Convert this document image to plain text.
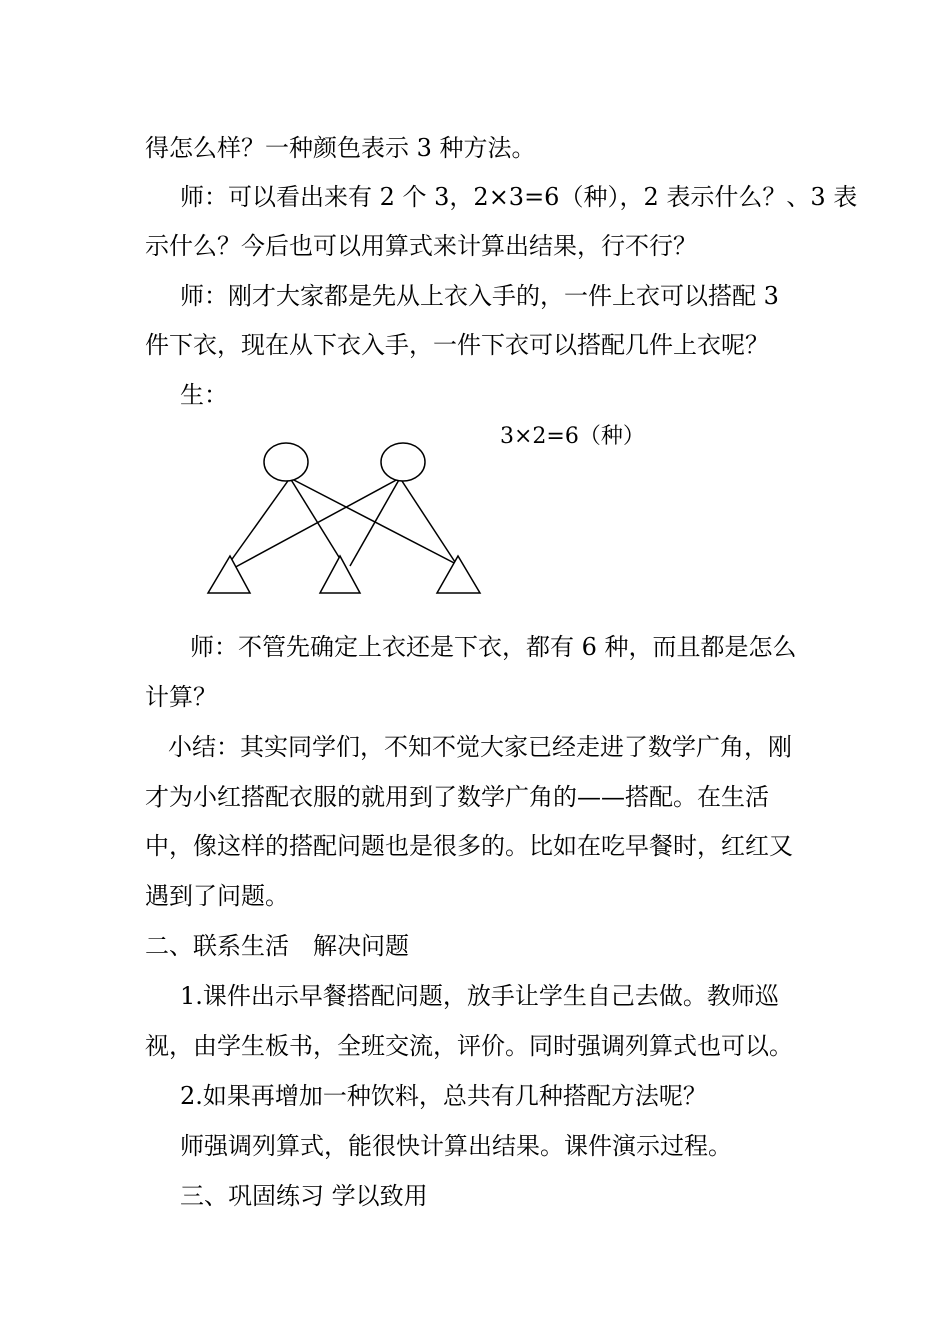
得怎么样？一种颜色表示 3 种方法。
师：可以看出来有 2 个 3，2×3=6（种），2 表示什么？、3 表
示什么？今后也可以用算式来计算出结果，行不行？
师：刚才大家都是先从上衣入手的，一件上衣可以搭配 3
件下衣，现在从下衣入手，一件下衣可以搭配几件上衣呢？
生：
3×2=6（种）
师：不管先确定上衣还是下衣，都有 6 种，而且都是怎么
计算？
小结：其实同学们，不知不觉大家已经走进了数学广角，刚
才为小红搭配衣服的就用到了数学广角的——搭配。在生活
中，像这样的搭配问题也是很多的。比如在吃早餐时，红红又
遇到了问题。
二、联系生活　解决问题
1.课件出示早餐搭配问题，放手让学生自己去做。教师巡
视，由学生板书，全班交流，评价。同时强调列算式也可以。
2.如果再增加一种饮料，总共有几种搭配方法呢？
师强调列算式，能很快计算出结果。课件演示过程。
三、巩固练习 学以致用
